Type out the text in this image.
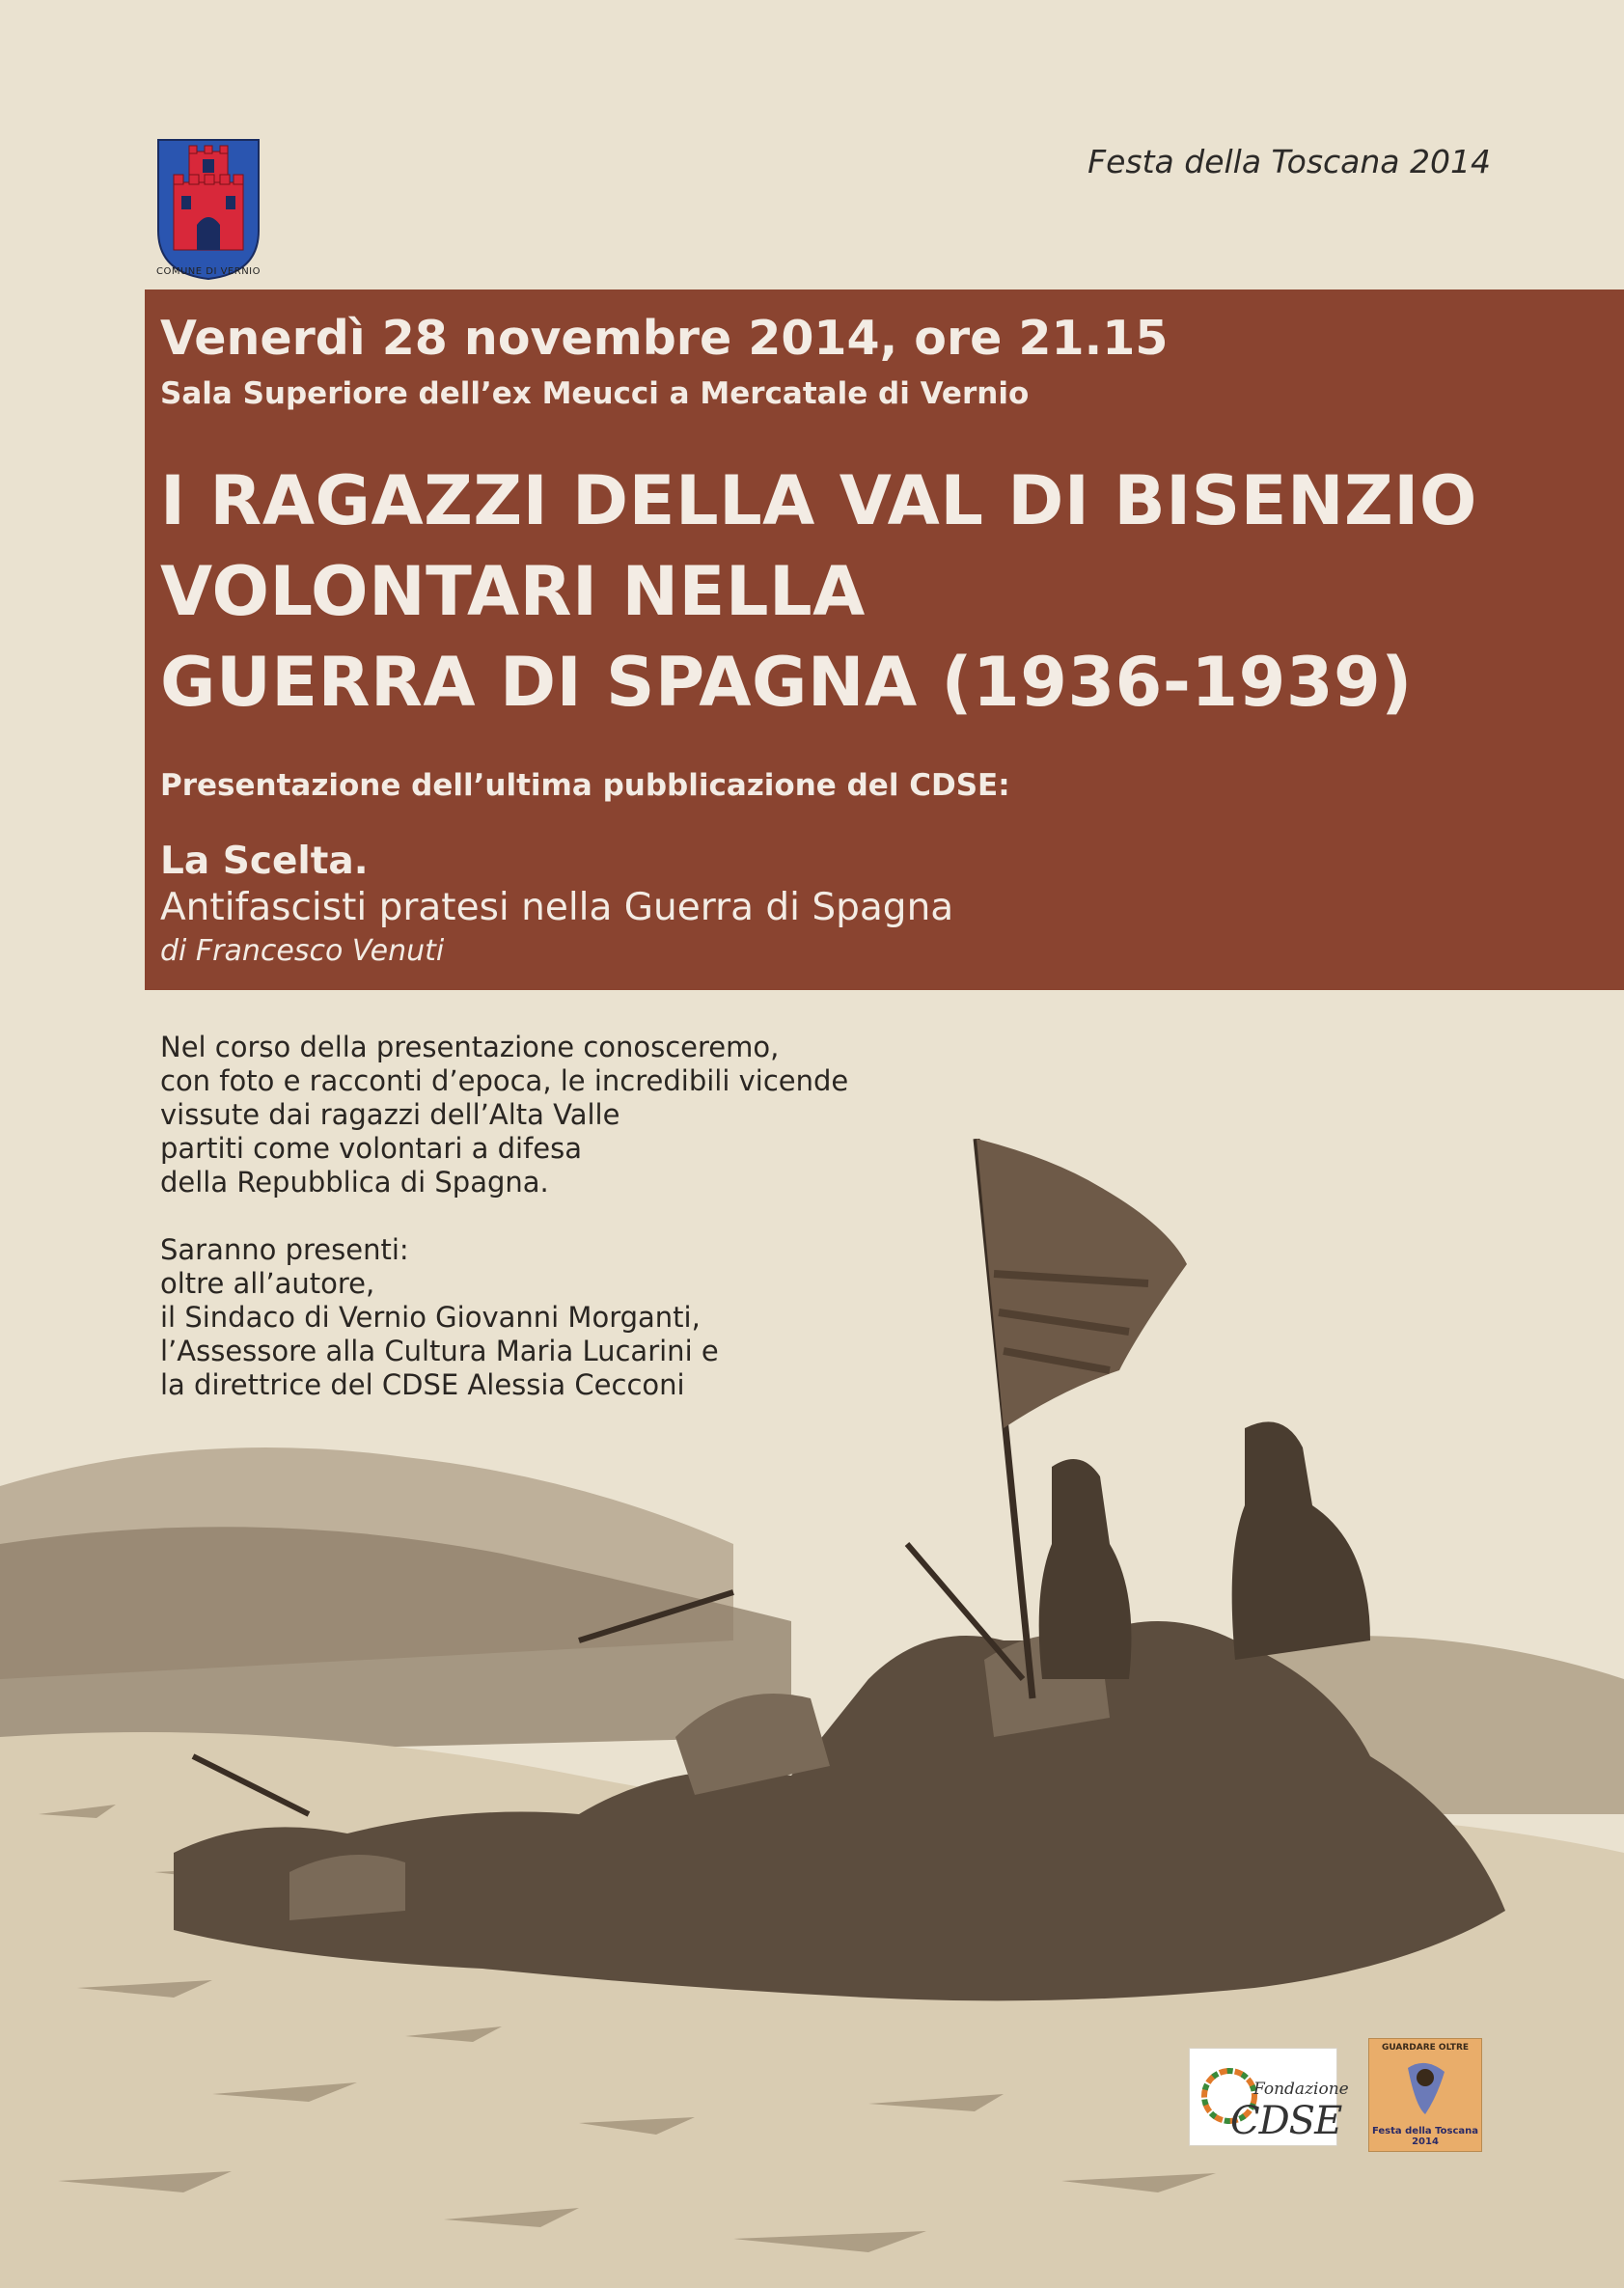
COMUNE DI VERNIO
Festa della Toscana 2014
Venerdì 28 novembre 2014, ore 21.15
Sala Superiore dell’ex Meucci a Mercatale di Vernio
I RAGAZZI DELLA VAL DI BISENZIO
VOLONTARI NELLA
GUERRA DI SPAGNA (1936-1939)
Presentazione dell’ultima pubblicazione del CDSE:
La Scelta.
Antifascisti pratesi nella Guerra di Spagna
di Francesco Venuti
Nel corso della presentazione conosceremo,
con foto e racconti d’epoca, le incredibili vicende
vissute dai ragazzi dell’Alta Valle
partiti come volontari a difesa
della Repubblica di Spagna.
Saranno presenti:
oltre all’autore,
il Sindaco di Vernio Giovanni Morganti,
l’Assessore alla Cultura Maria Lucarini e
la direttrice del CDSE Alessia Cecconi
Fondazione
CDSE
GUARDARE OLTRE
Festa della Toscana 2014
